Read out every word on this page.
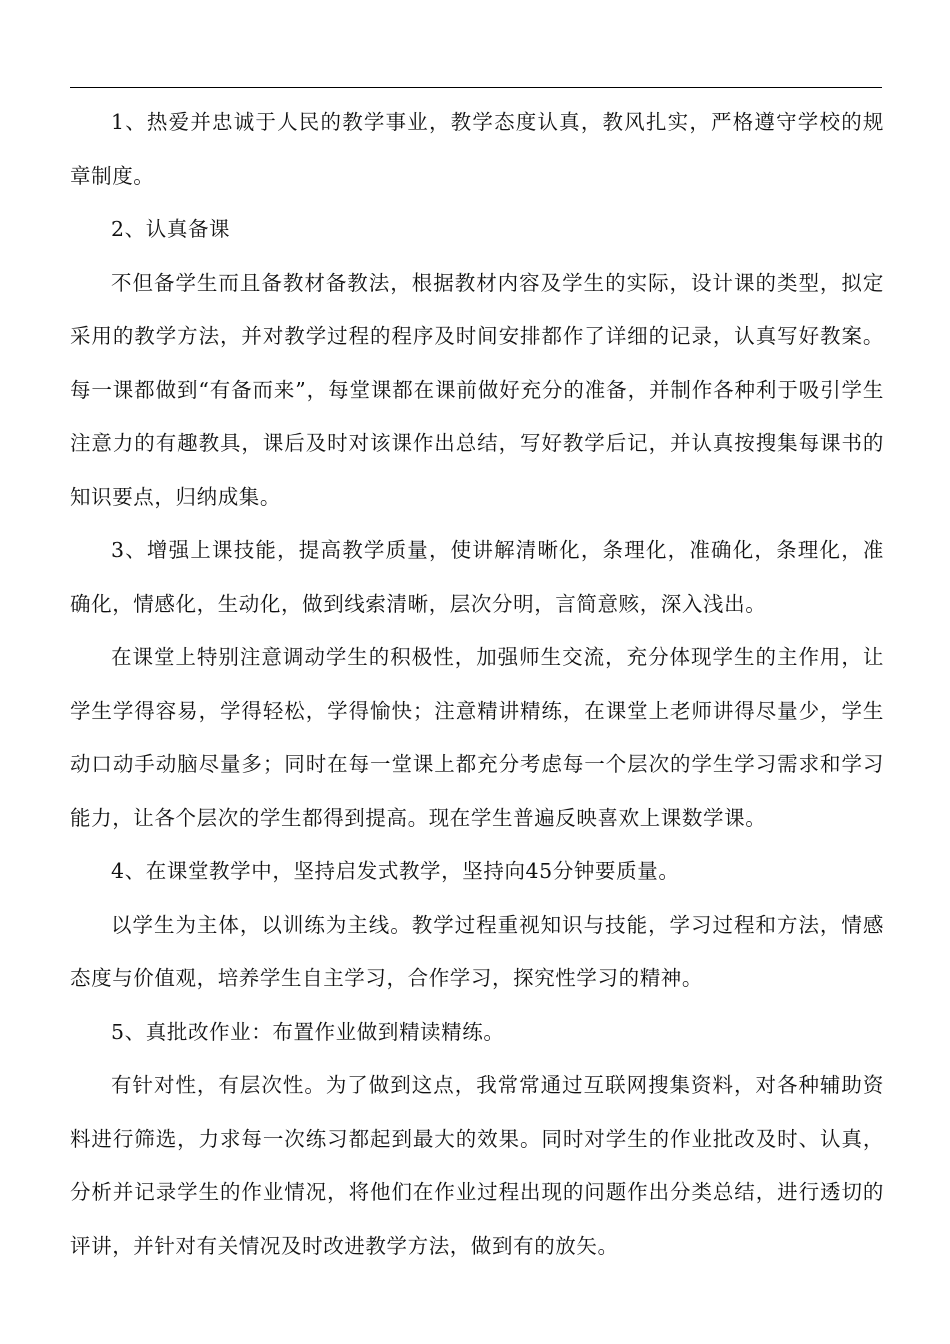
1、热爱并忠诚于人民的教学事业，教学态度认真，教风扎实，严格遵守学校的规章制度。

2、认真备课

不但备学生而且备教材备教法，根据教材内容及学生的实际，设计课的类型，拟定采用的教学方法，并对教学过程的程序及时间安排都作了详细的记录，认真写好教案。每一课都做到“有备而来”，每堂课都在课前做好充分的准备，并制作各种利于吸引学生注意力的有趣教具，课后及时对该课作出总结，写好教学后记，并认真按搜集每课书的知识要点，归纳成集。

3、增强上课技能，提高教学质量，使讲解清晰化，条理化，准确化，条理化，准确化，情感化，生动化，做到线索清晰，层次分明，言简意赅，深入浅出。

在课堂上特别注意调动学生的积极性，加强师生交流，充分体现学生的主作用，让学生学得容易，学得轻松，学得愉快；注意精讲精练，在课堂上老师讲得尽量少，学生动口动手动脑尽量多；同时在每一堂课上都充分考虑每一个层次的学生学习需求和学习能力，让各个层次的学生都得到提高。现在学生普遍反映喜欢上课数学课。

4、在课堂教学中，坚持启发式教学，坚持向45分钟要质量。

以学生为主体，以训练为主线。教学过程重视知识与技能，学习过程和方法，情感态度与价值观，培养学生自主学习，合作学习，探究性学习的精神。

5、真批改作业：布置作业做到精读精练。

有针对性，有层次性。为了做到这点，我常常通过互联网搜集资料，对各种辅助资料进行筛选，力求每一次练习都起到最大的效果。同时对学生的作业批改及时、认真，分析并记录学生的作业情况，将他们在作业过程出现的问题作出分类总结，进行透切的评讲，并针对有关情况及时改进教学方法，做到有的放矢。
